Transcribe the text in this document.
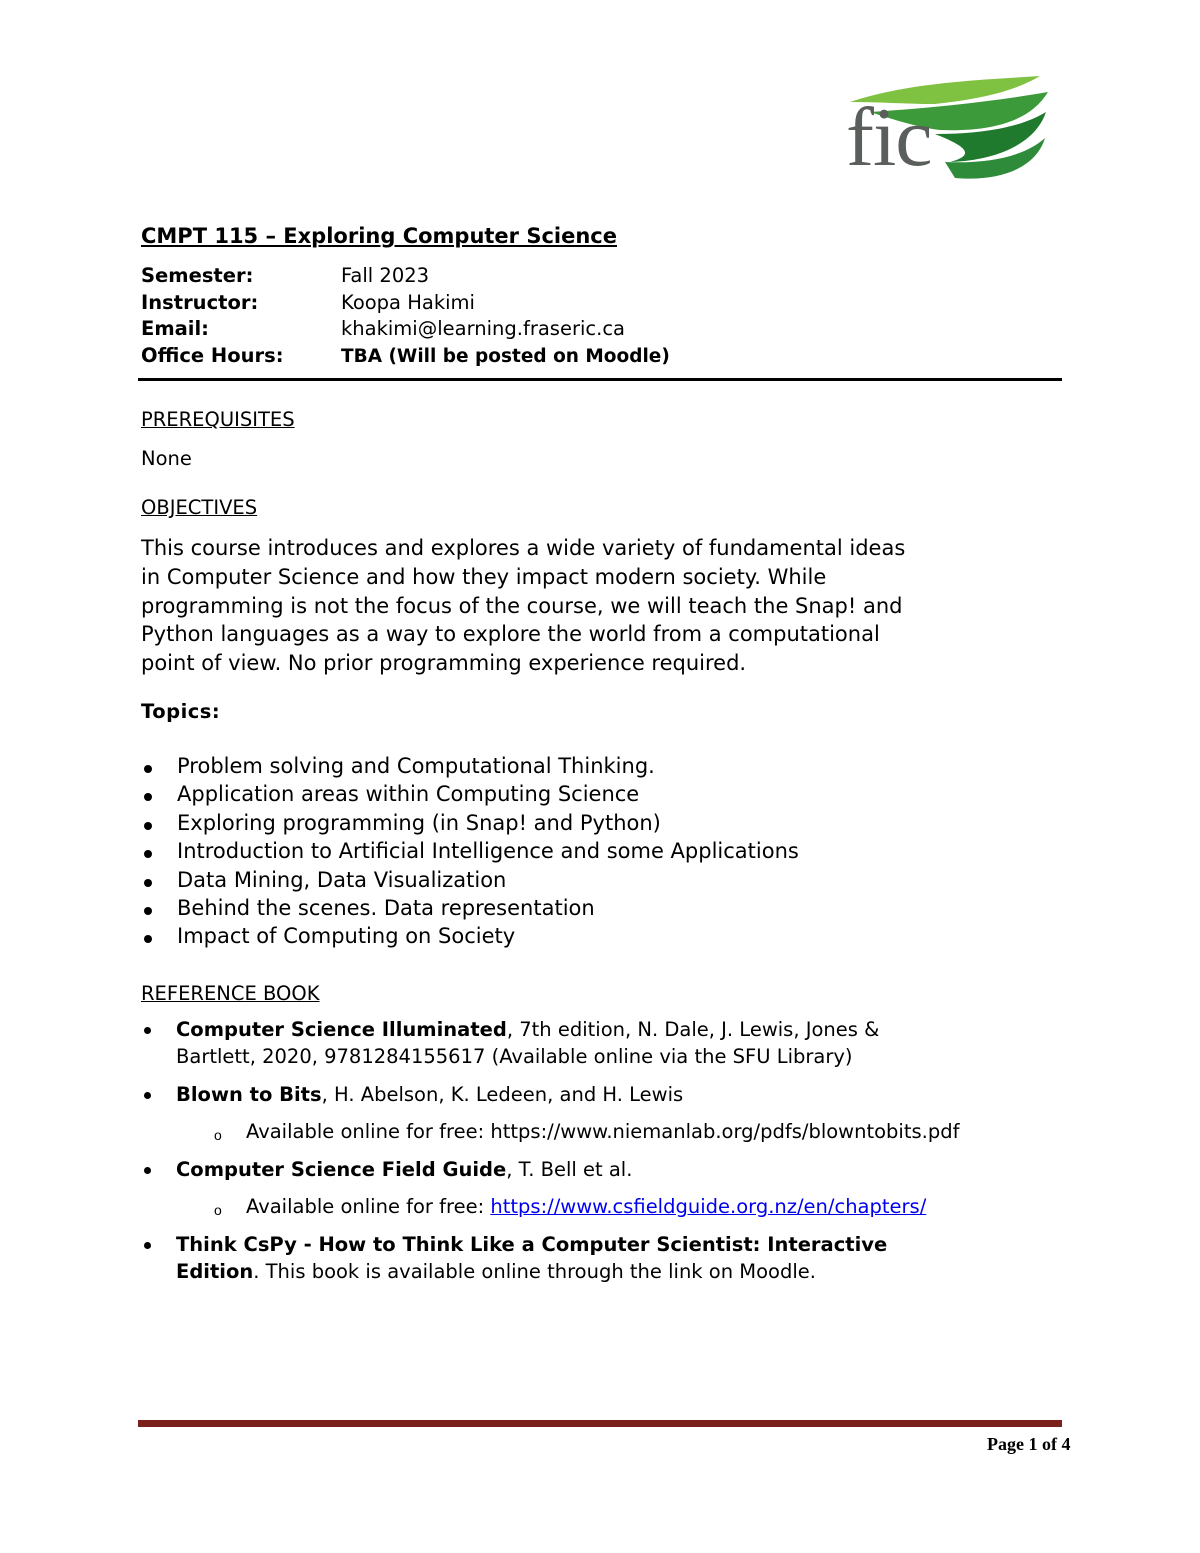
fic
CMPT 115 – Exploring Computer Science
Semester:	Fall 2023
Instructor:	Koopa Hakimi
Email:	khakimi@learning.fraseric.ca
Office Hours:	TBA (Will be posted on Moodle)
PREREQUISITES
None
OBJECTIVES
This course introduces and explores a wide variety of fundamental ideas
in Computer Science and how they impact modern society. While
programming is not the focus of the course, we will teach the Snap! and
Python languages as a way to explore the world from a computational
point of view. No prior programming experience required.
Topics:
Problem solving and Computational Thinking.
Application areas within Computing Science
Exploring programming (in Snap! and Python)
Introduction to Artificial Intelligence and some Applications
Data Mining, Data Visualization
Behind the scenes. Data representation
Impact of Computing on Society
REFERENCE BOOK
Computer Science Illuminated, 7th edition, N. Dale, J. Lewis, Jones &
Bartlett, 2020, 9781284155617 (Available online via the SFU Library)
Blown to Bits, H. Abelson, K. Ledeen, and H. Lewis
o Available online for free: https://www.niemanlab.org/pdfs/blowntobits.pdf
Computer Science Field Guide, T. Bell et al.
o Available online for free: https://www.csfieldguide.org.nz/en/chapters/
Think CsPy - How to Think Like a Computer Scientist: Interactive
Edition. This book is available online through the link on Moodle.
Page 1 of 4
